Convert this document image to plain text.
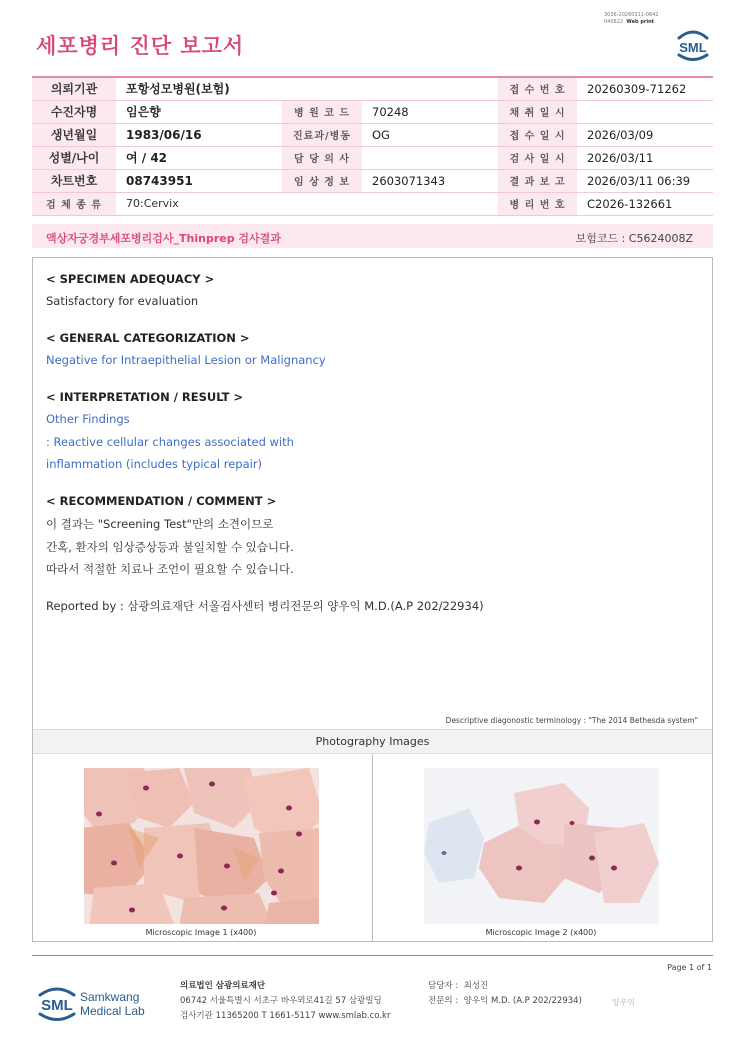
3036-20260311-0642
040822 Web print
세포병리 진단 보고서	SML
의뢰기관	포항성모병원(보험)			접 수 번 호	20260309-71262
수진자명	임은향	병 원 코 드	70248	채 취 일 시	
생년월일	1983/06/16	진료과/병동	OG	접 수 일 시	2026/03/09
성별/나이	여 / 42	담 당 의 사		검 사 일 시	2026/03/11
차트번호	08743951	임 상 정 보	2603071343	결 과 보 고	2026/03/11 06:39
검 체 종 류	70:Cervix			병 리 번 호	C2026-132661
액상자궁경부세포병리검사_Thinprep 검사결과	보험코드 : C5624008Z
< SPECIMEN ADEQUACY >
Satisfactory for evaluation
< GENERAL CATEGORIZATION >
Negative for Intraepithelial Lesion or Malignancy
< INTERPRETATION / RESULT >
Other Findings
: Reactive cellular changes associated with
inflammation (includes typical repair)
< RECOMMENDATION / COMMENT >
이 결과는 "Screening Test"만의 소견이므로
간혹, 환자의 임상증상등과 불일치할 수 있습니다.
따라서 적절한 치료나 조언이 필요할 수 있습니다.
Reported by : 삼광의료재단 서울검사센터 병리전문의 양우익 M.D.(A.P 202/22934)
Descriptive diagonostic terminology : "The 2014 Bethesda system"
Photography Images
Microscopic Image 1 (x400)	Microscopic Image 2 (x400)
Page 1 of 1
SML Samkwang
Medical Lab
의료법인 삼광의료재단
06742 서울특별시 서초구 바우뫼로41길 57 삼광빌딩
검사기관 11365200 T 1661-5117 www.smlab.co.kr
담당자 : 최성진
전문의 : 양우익 M.D. (A.P 202/22934)	양우익
